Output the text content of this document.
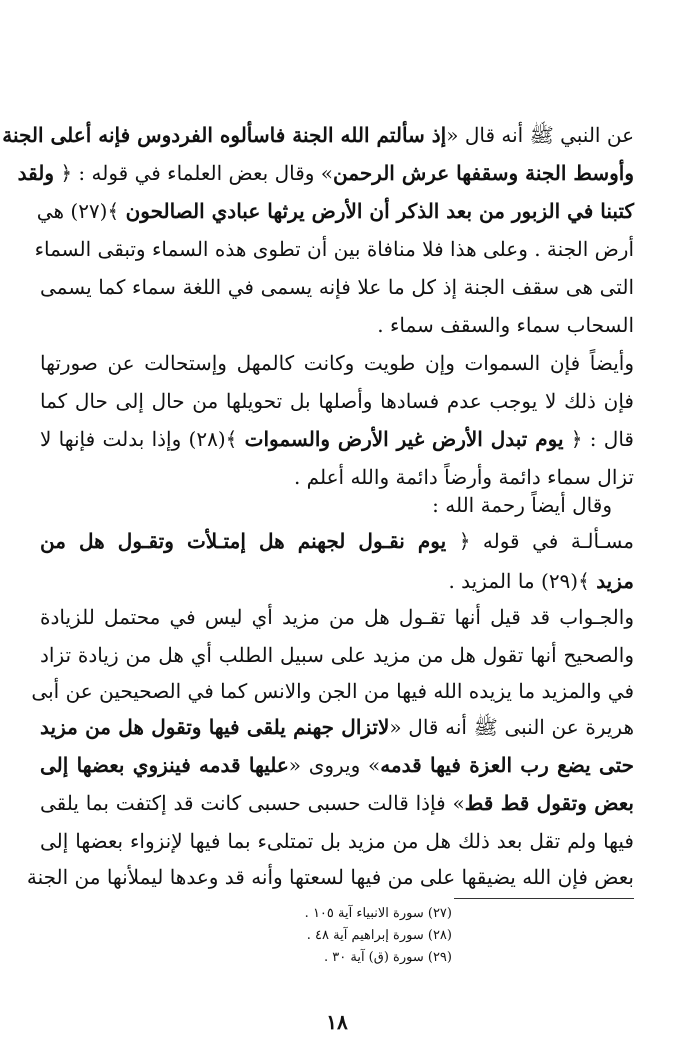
عن النبي ﷺ أنه قال «إذ سألتم الله الجنة فاسألوه الفردوس فإنه أعلى الجنة
وأوسط الجنة وسقفها عرش الرحمن» وقال بعض العلماء في قوله : ﴿ ولقد
كتبنا في الزبور من بعد الذكر أن الأرض يرثها عبادي الصالحون ﴾(٢٧) هي
أرض الجنة . وعلى هذا فلا منافاة بين أن تطوى هذه السماء وتبقى السماء
التى هى سقف الجنة إذ كل ما علا فإنه يسمى في اللغة سماء كما يسمى
السحاب سماء والسقف سماء .
وأيضاً فإن السموات وإن طويت وكانت كالمهل وإستحالت عن صورتها
فإن ذلك لا يوجب عدم فسادها وأصلها بل تحويلها من حال إلى حال كما
قال : ﴿ يوم تبدل الأرض غير الأرض والسموات ﴾(٢٨) وإذا بدلت فإنها لا
تزال سماء دائمة وأرضاً دائمة والله أعلم .
وقال أيضاً رحمة الله :
مسـألـة في قوله ﴿ يوم نقـول لجهنم هل إمتـلأت وتقـول هل من
مزيد ﴾(٢٩) ما المزيد .
والجـواب قد قيل أنها تقـول هل من مزيد أي ليس في محتمل للزيادة
والصحيح أنها تقول هل من مزيد على سبيل الطلب أي هل من زيادة تزاد
في والمزيد ما يزيده الله فيها من الجن والانس كما في الصحيحين عن أبى
هريرة عن النبى ﷺ أنه قال «لاتزال جهنم يلقى فيها وتقول هل من مزيد
حتى يضع رب العزة فيها قدمه» ويروى «عليها قدمه فينزوي بعضها إلى
بعض وتقول قط قط» فإذا قالت حسبى حسبى كانت قد إكتفت بما يلقى
فيها ولم تقل بعد ذلك هل من مزيد بل تمتلىء بما فيها لإنزواء بعضها إلى
بعض فإن الله يضيقها على من فيها لسعتها وأنه قد وعدها ليملأنها من الجنة
(٢٧) سورة الانبياء آية ١٠٥ .
(٢٨) سورة إبراهيم آية ٤٨ .
(٢٩) سورة (ق) آية ٣٠ .
١٨
